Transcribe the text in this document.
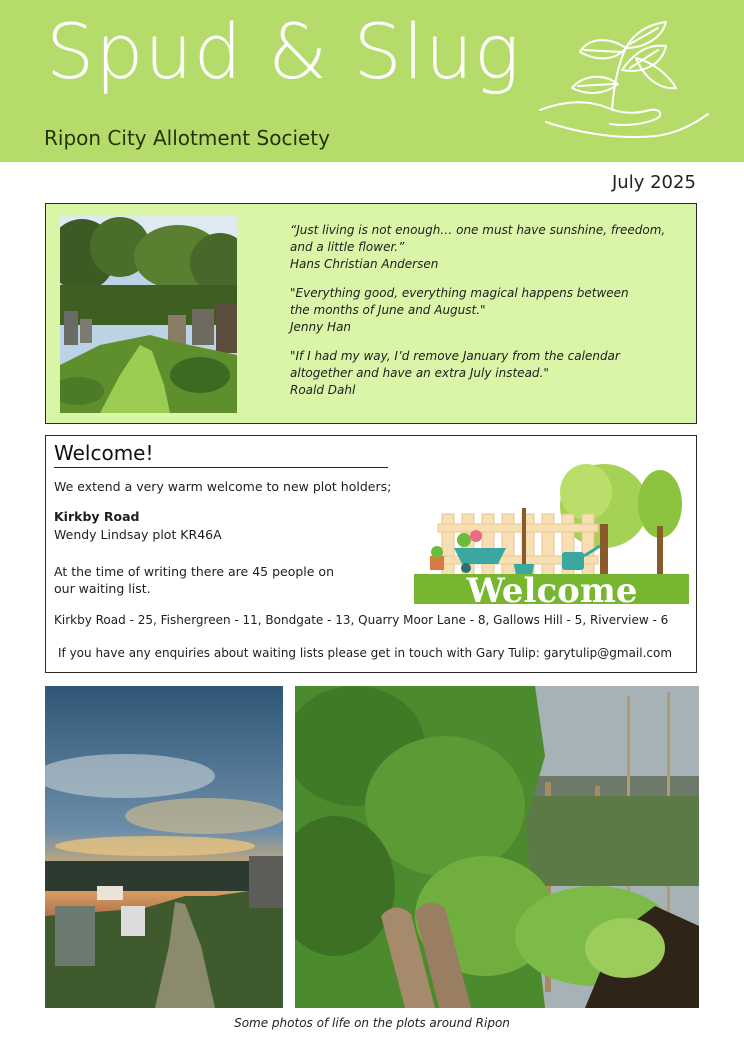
Spud & Slug
Ripon City Allotment Society
July 2025

“Just living is not enough… one must have sunshine, freedom,

and a little flower.”

Hans Christian Andersen

"Everything good, everything magical happens between

the months of June and August."

Jenny Han

"If I had my way, I’d remove January from the calendar

altogether and have an extra July instead."

Roald Dahl

Welcome!
We extend a very warm welcome to new plot holders;
Kirkby Road
Wendy Lindsay plot KR46A
At the time of writing there are 45 people on
our waiting list.
Kirkby Road - 25, Fishergreen - 11, Bondgate - 13, Quarry Moor Lane - 8, Gallows Hill - 5, Riverview - 6
If you have any enquiries about waiting lists please get in touch with Gary Tulip: garytulip@gmail.com
Welcome
Some photos of life on the plots around Ripon
